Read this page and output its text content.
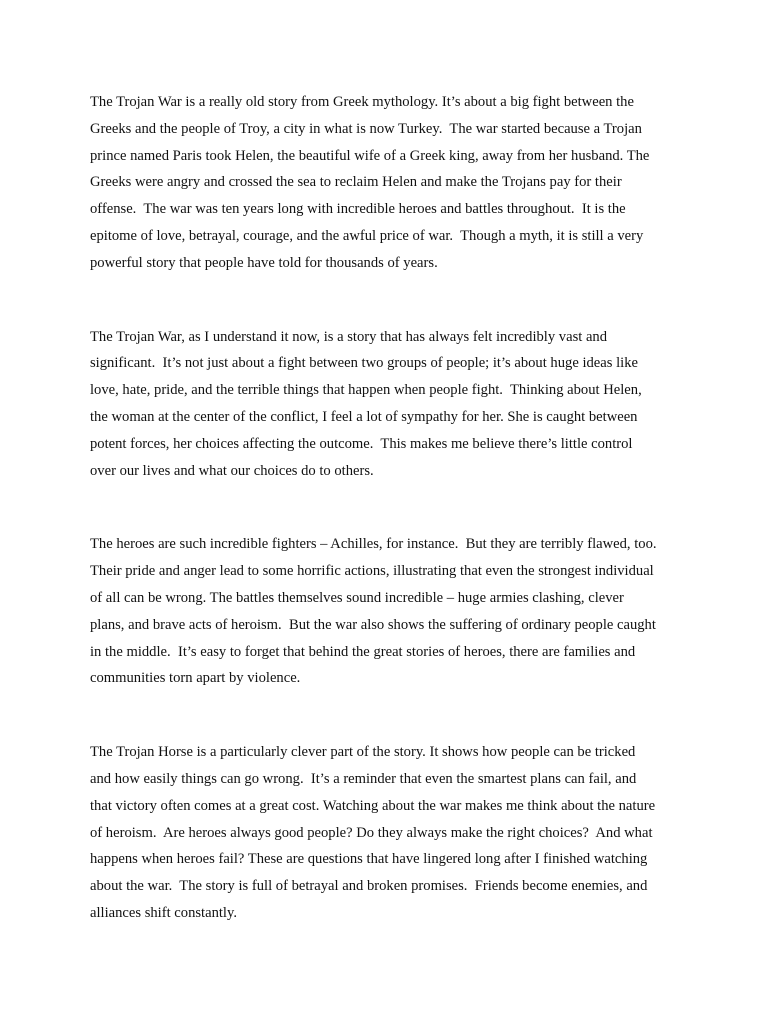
The Trojan War is a really old story from Greek mythology. It’s about a big fight between the
Greeks and the people of Troy, a city in what is now Turkey.  The war started because a Trojan
prince named Paris took Helen, the beautiful wife of a Greek king, away from her husband. The
Greeks were angry and crossed the sea to reclaim Helen and make the Trojans pay for their
offense.  The war was ten years long with incredible heroes and battles throughout.  It is the
epitome of love, betrayal, courage, and the awful price of war.  Though a myth, it is still a very
powerful story that people have told for thousands of years.

The Trojan War, as I understand it now, is a story that has always felt incredibly vast and
significant.  It’s not just about a fight between two groups of people; it’s about huge ideas like
love, hate, pride, and the terrible things that happen when people fight.  Thinking about Helen,
the woman at the center of the conflict, I feel a lot of sympathy for her. She is caught between
potent forces, her choices affecting the outcome.  This makes me believe there’s little control
over our lives and what our choices do to others.

The heroes are such incredible fighters – Achilles, for instance.  But they are terribly flawed, too.
Their pride and anger lead to some horrific actions, illustrating that even the strongest individual
of all can be wrong. The battles themselves sound incredible – huge armies clashing, clever
plans, and brave acts of heroism.  But the war also shows the suffering of ordinary people caught
in the middle.  It’s easy to forget that behind the great stories of heroes, there are families and
communities torn apart by violence.

The Trojan Horse is a particularly clever part of the story. It shows how people can be tricked
and how easily things can go wrong.  It’s a reminder that even the smartest plans can fail, and
that victory often comes at a great cost. Watching about the war makes me think about the nature
of heroism.  Are heroes always good people? Do they always make the right choices?  And what
happens when heroes fail? These are questions that have lingered long after I finished watching
about the war.  The story is full of betrayal and broken promises.  Friends become enemies, and
alliances shift constantly.
